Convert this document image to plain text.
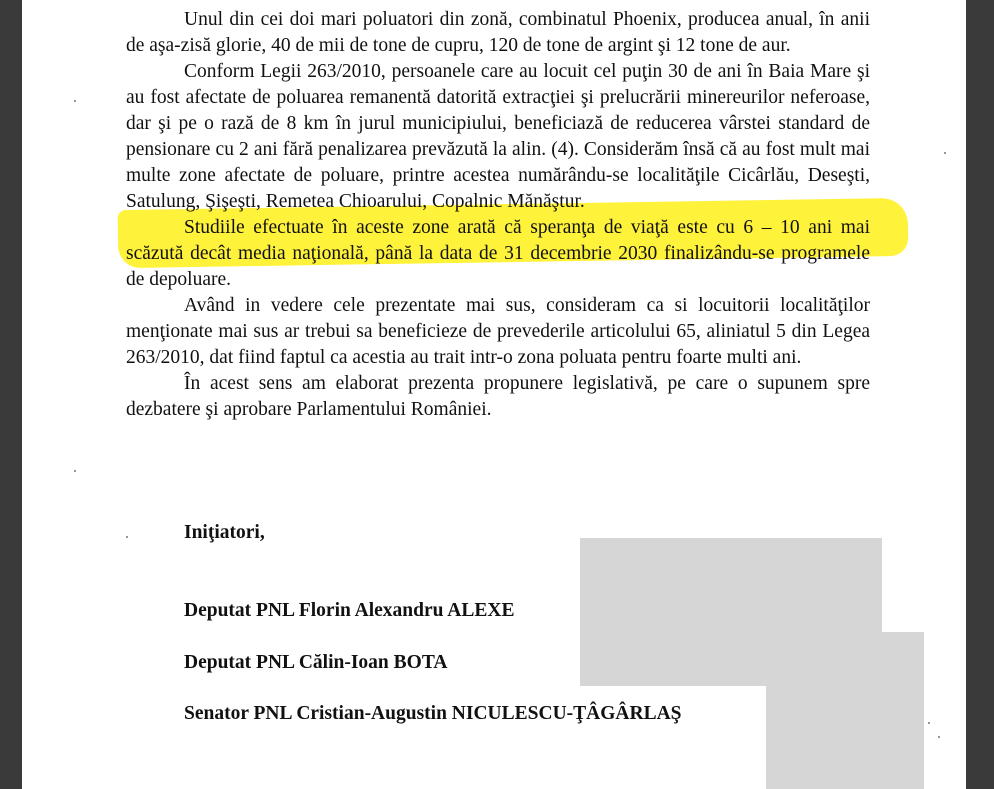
Unul din cei doi mari poluatori din zonă, combinatul Phoenix, producea anual, în anii de aşa-zisă glorie, 40 de mii de tone de cupru, 120 de tone de argint şi 12 tone de aur.

Conform Legii 263/2010, persoanele care au locuit cel puţin 30 de ani în Baia Mare şi au fost afectate de poluarea remanentă datorită extracţiei şi prelucrării minereurilor neferoase, dar şi pe o rază de 8 km în jurul municipiului, beneficiază de reducerea vârstei standard de pensionare cu 2 ani fără penalizarea prevăzută la alin. (4). Considerăm însă că au fost mult mai multe zone afectate de poluare, printre acestea numărându-se localităţile Cicârlău, Deseşti, Satulung, Şişeşti, Remetea Chioarului, Copalnic Mănăştur.

Studiile efectuate în aceste zone arată că speranţa de viaţă este cu 6 – 10 ani mai scăzută decât media naţională, până la data de 31 decembrie 2030 finalizându-se programele de depoluare.

Având in vedere cele prezentate mai sus, consideram ca si locuitorii localităţilor menţionate mai sus ar trebui sa beneficieze de prevederile articolului 65, aliniatul 5 din Legea 263/2010, dat fiind faptul ca acestia au trait intr-o zona poluata pentru foarte multi ani.

În acest sens am elaborat prezenta propunere legislativă, pe care o supunem spre dezbatere şi aprobare Parlamentului României.

Iniţiatori,
Deputat PNL Florin Alexandru ALEXE
Deputat PNL Călin-Ioan BOTA
Senator PNL Cristian-Augustin NICULESCU-ŢÂGÂRLAŞ
